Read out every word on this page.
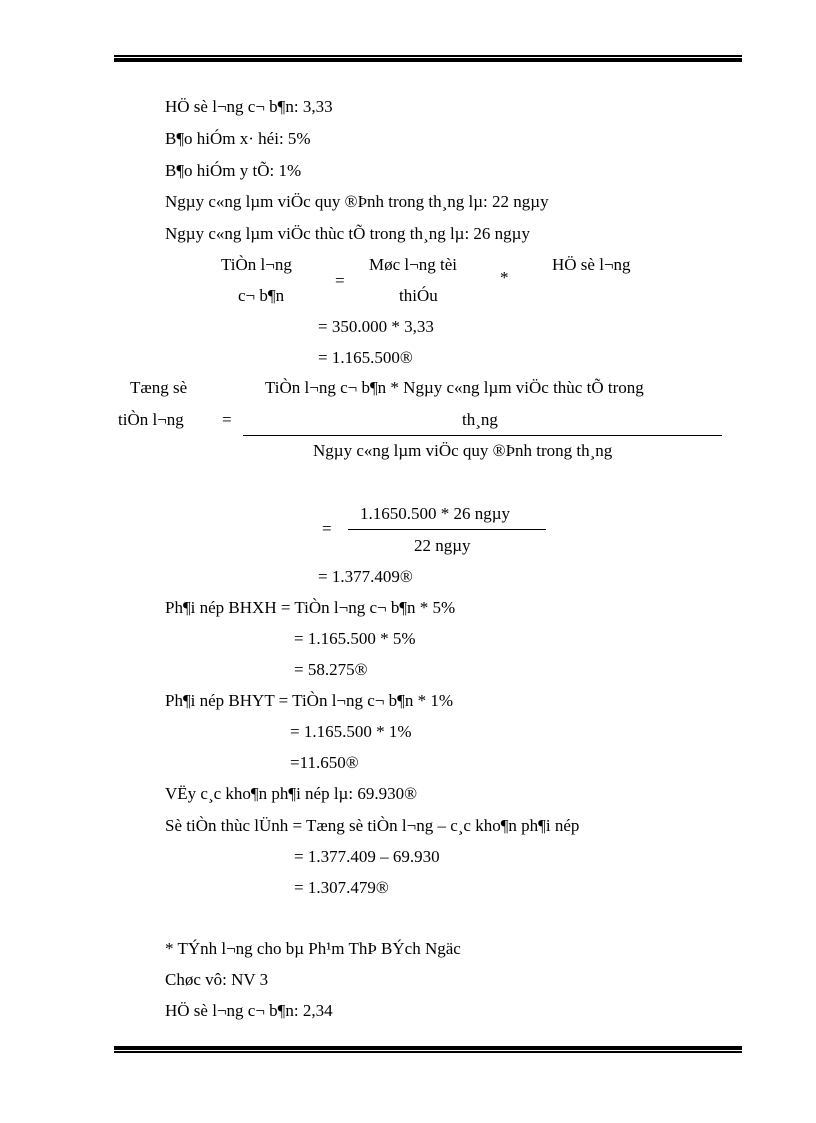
HÖ sè l¬ng c¬ b¶n: 3,33
B¶o hiÓm x· héi: 5%
B¶o hiÓm y tÕ: 1%
Ngµy c«ng lµm viÖc quy ®Þnh trong th¸ng lµ: 22 ngµy
Ngµy c«ng lµm viÖc thùc tÕ trong th¸ng lµ: 26 ngµy
TiÒn l¬ng
c¬ b¶n
=
Møc l¬ng tèi
thiÓu
*
HÖ sè l¬ng
= 350.000 * 3,33
= 1.165.500®
Tæng sè
tiÒn l¬ng =
TiÒn l¬ng c¬ b¶n * Ngµy c«ng lµm viÖc thùc tÕ trong
th¸ng
Ngµy c«ng lµm viÖc quy ®Þnh trong th¸ng
=
1.1650.500 * 26 ngµy
22 ngµy
= 1.377.409®
Ph¶i nép BHXH = TiÒn l¬ng c¬ b¶n * 5%
= 1.165.500 * 5%
= 58.275®
Ph¶i nép BHYT = TiÒn l¬ng c¬ b¶n * 1%
= 1.165.500 * 1%
=11.650®
VËy c¸c kho¶n ph¶i nép lµ: 69.930®
Sè tiÒn thùc lÜnh = Tæng sè tiÒn l¬ng – c¸c kho¶n ph¶i nép
= 1.377.409 – 69.930
= 1.307.479®
* TÝnh l¬ng cho bµ Ph¹m ThÞ BÝch Ngäc
Chøc vô: NV 3
HÖ sè l¬ng c¬ b¶n: 2,34
